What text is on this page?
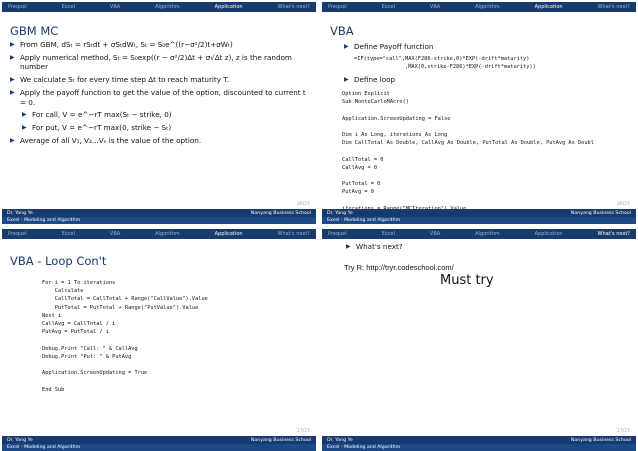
Prequel	Excel	VBA	Algorithm	Application	What's next?
GBM MC
▶ From GBM, dSₜ = rSₜdt + σSₜdWₜ, Sₜ = S₀e^((r−σ²/2)t+σWₜ)
▶ Apply numerical method, Sₜ = S₀exp((r − σ²/2)Δt + σ√Δt z), z is the random number
▶ We calculate Sₜ for every time step Δt to reach maturity T.
▶ Apply the payoff function to get the value of the option, discounted to current t = 0.
▶ For call, V = e^−rT max(Sₜ − strike, 0)
▶ For put, V = e^−rT max(0, strike − Sₜ)
▶ Average of all V₁, V₂...Vₙ is the value of the option.
26/27
Dr. Yang Ye	Nanyang Business School
Excel - Modeling and Algorithm
Prequel	Excel	VBA	Algorithm	Application	What's next?
VBA
▶ Define Payoff function
=IF(type="call",MAX(F286-strike,0)*EXP(-drift*maturity)
,MAX(0,strike-F286)*EXP(-drift*maturity))
▶ Define loop
Option Explicit
Sub MonteCarloMAcro()

Application.ScreenUpdating = False

Dim i As Long, iterations As Long
Dim CallTotal As Double, CallAvg As Double, PutTotal As Double, PutAvg As Doubl

CallTotal = 0
CallAvg = 0

PutTotal = 0
PutAvg = 0

26/27
Dr. Yang Ye	Nanyang Business School
Excel - Modeling and Algorithm
Prequel	Excel	VBA	Algorithm	Application	What's next?
VBA - Loop Con't
For i = 1 To iterations
Calculate
CallTotal = CallTotal + Range("CallValue").Value
PutTotal = PutTotal + Range("PutValue").Value
Next i
CallAvg = CallTotal / i
PutAvg = PutTotal / i

Debug.Print "Call: " & CallAvg
Debug.Print "Put: " & PutAvg

Application.ScreenUpdating = True

End Sub
27/27
Dr. Yang Ye	Nanyang Business School
Excel - Modeling and Algorithm
Prequel	Excel	VBA	Algorithm	Application	What's next?
▶ What's next?
Try R: http://tryr.codeschool.com/
Must try
27/27
Dr. Yang Ye	Nanyang Business School
Excel - Modeling and Algorithm
